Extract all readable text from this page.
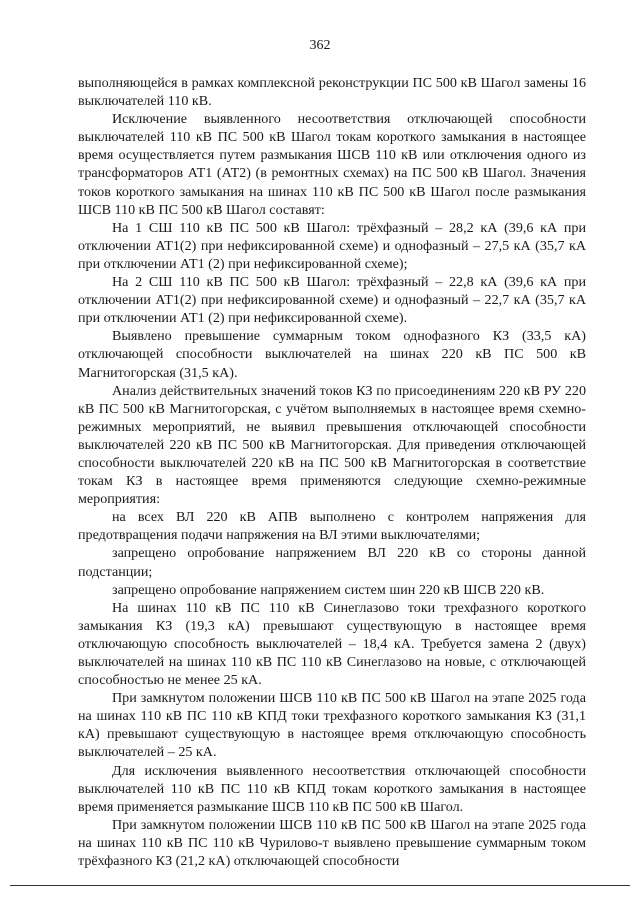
362

выполняющейся в рамках комплексной реконструкции ПС 500 кВ Шагол замены 16 выключателей 110 кВ.

Исключение выявленного несоответствия отключающей способности выключателей 110 кВ ПС 500 кВ Шагол токам короткого замыкания в настоящее время осуществляется путем размыкания ШСВ 110 кВ или отключения одного из трансформаторов АТ1 (АТ2) (в ремонтных схемах) на ПС 500 кВ Шагол. Значения токов короткого замыкания на шинах 110 кВ ПС 500 кВ Шагол после размыкания ШСВ 110 кВ ПС 500 кВ Шагол составят:

На 1 СШ 110 кВ ПС 500 кВ Шагол: трёхфазный – 28,2 кА (39,6 кА при отключении АТ1(2) при нефиксированной схеме) и однофазный – 27,5 кА (35,7 кА при отключении АТ1 (2) при нефиксированной схеме);

На 2 СШ 110 кВ ПС 500 кВ Шагол: трёхфазный – 22,8 кА (39,6 кА при отключении АТ1(2) при нефиксированной схеме) и однофазный – 22,7 кА (35,7 кА при отключении АТ1 (2) при нефиксированной схеме).

Выявлено превышение суммарным током однофазного КЗ (33,5 кА) отключающей способности выключателей на шинах 220 кВ ПС 500 кВ Магнитогорская (31,5 кА).

Анализ действительных значений токов КЗ по присоединениям 220 кВ РУ 220 кВ ПС 500 кВ Магнитогорская, с учётом выполняемых в настоящее время схемно-режимных мероприятий, не выявил превышения отключающей способности выключателей 220 кВ ПС 500 кВ Магнитогорская. Для приведения отключающей способности выключателей 220 кВ на ПС 500 кВ Магнитогорская в соответствие токам КЗ в настоящее время применяются следующие схемно-режимные мероприятия:

на всех ВЛ 220 кВ АПВ выполнено с контролем напряжения для предотвращения подачи напряжения на ВЛ этими выключателями;

запрещено опробование напряжением ВЛ 220 кВ со стороны данной подстанции;

запрещено опробование напряжением систем шин 220 кВ ШСВ 220 кВ.

На шинах 110 кВ ПС 110 кВ Синеглазово токи трехфазного короткого замыкания КЗ (19,3 кА) превышают существующую в настоящее время отключающую способность выключателей – 18,4 кА. Требуется замена 2 (двух) выключателей на шинах 110 кВ ПС 110 кВ Синеглазово на новые, с отключающей способностью не менее 25 кА.

При замкнутом положении ШСВ 110 кВ ПС 500 кВ Шагол на этапе 2025 года на шинах 110 кВ ПС 110 кВ КПД токи трехфазного короткого замыкания КЗ (31,1 кА) превышают существующую в настоящее время отключающую способность выключателей – 25 кА.

Для исключения выявленного несоответствия отключающей способности выключателей 110 кВ ПС 110 кВ КПД токам короткого замыкания в настоящее время применяется размыкание ШСВ 110 кВ ПС 500 кВ Шагол.

При замкнутом положении ШСВ 110 кВ ПС 500 кВ Шагол на этапе 2025 года на шинах 110 кВ ПС 110 кВ Чурилово-т выявлено превышение суммарным током трёхфазного КЗ (21,2 кА) отключающей способности
